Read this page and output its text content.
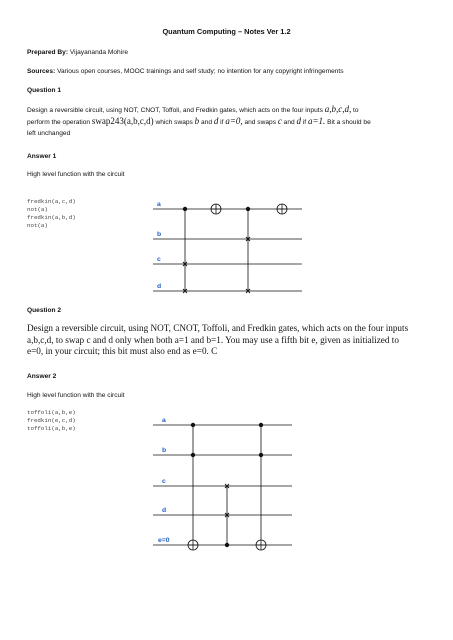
Quantum Computing – Notes Ver 1.2
Prepared By: Vijayananda Mohire
Sources: Various open courses, MOOC trainings and self study; no intention for any copyright infringements
Question 1
Design a reversible circuit, using NOT, CNOT, Toffoli, and Fredkin gates, which acts on the four inputs a,b,c,d, to
perform the operation swap243(a,b,c,d) which swaps b and d if a=0, and swaps c and d if a=1. Bit a should be
left unchanged
Answer 1
High level function with the circuit
fredkin(a,c,d)
not(a)
fredkin(a,b,d)
not(a)
a
b
c
d
a
b
c
d
e=0
Question 2
Design a reversible circuit, using NOT, CNOT, Toffoli, and Fredkin gates, which acts on the four inputs
a,b,c,d, to swap c and d only when both a=1 and b=1. You may use a fifth bit e, given as initialized to
e=0, in your circuit; this bit must also end as e=0. C
Answer 2
High level function with the circuit
toffoli(a,b,e)
fredkin(e,c,d)
toffoli(a,b,e)
